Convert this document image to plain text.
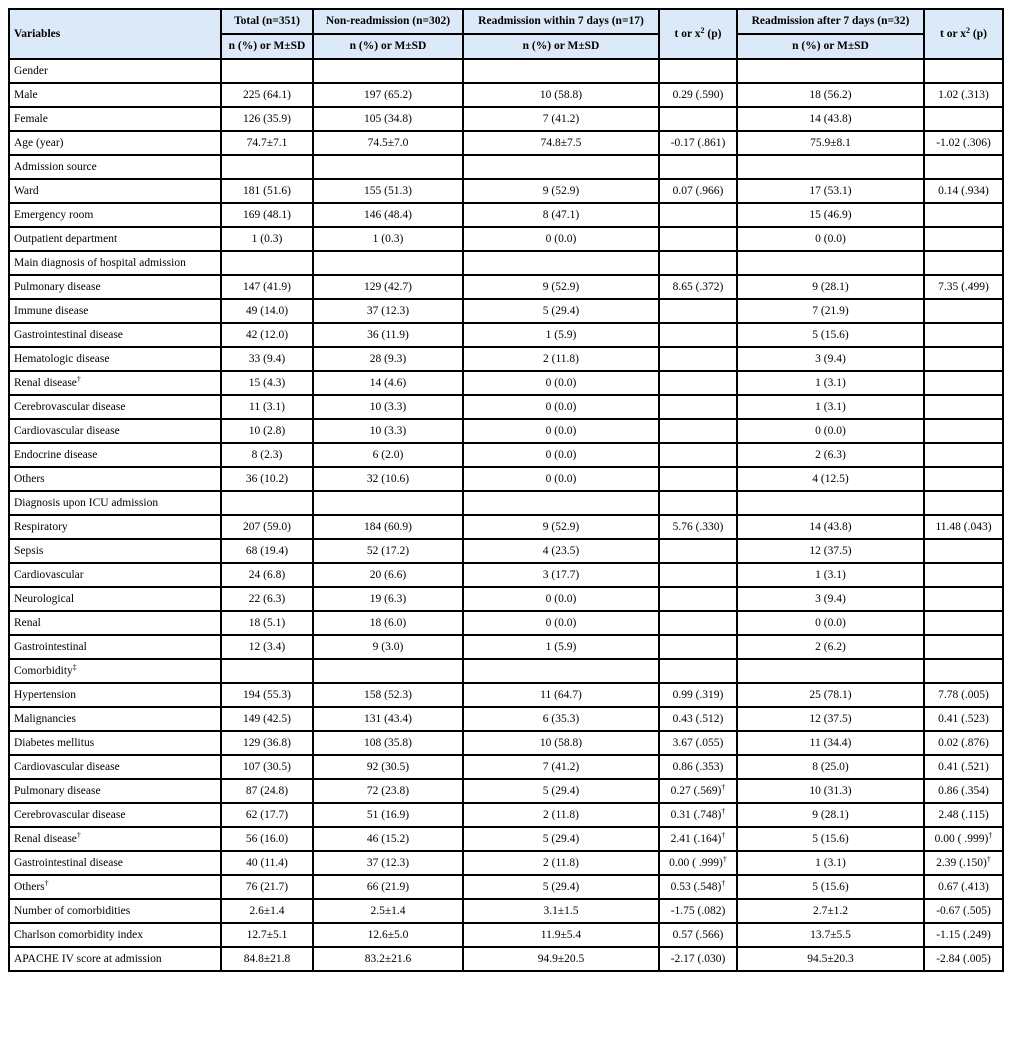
Variables	Total (n=351)	Non-readmission (n=302)	Readmission within 7 days (n=17)	t or $x^2$ (p)	Readmission after 7 days (n=32)	t or $x^2$ (p)
	n (%) or M±SD	n (%) or M±SD	n (%) or M±SD		n (%) or M±SD	
Gender						
Male	225 (64.1)	197 (65.2)	10 (58.8)	0.29 (.590)	18 (56.2)	1.02 (.313)
Female	126 (35.9)	105 (34.8)	7 (41.2)		14 (43.8)	
Age (year)	74.7±7.1	74.5±7.0	74.8±7.5	-0.17 (.861)	75.9±8.1	-1.02 (.306)
Admission source						
Ward	181 (51.6)	155 (51.3)	9 (52.9)	0.07 (.966)	17 (53.1)	0.14 (.934)
Emergency room	169 (48.1)	146 (48.4)	8 (47.1)		15 (46.9)	
Outpatient department	1 (0.3)	1 (0.3)	0 (0.0)		0 (0.0)	
Main diagnosis of hospital admission						
Pulmonary disease	147 (41.9)	129 (42.7)	9 (52.9)	8.65 (.372)	9 (28.1)	7.35 (.499)
Immune disease	49 (14.0)	37 (12.3)	5 (29.4)		7 (21.9)	
Gastrointestinal disease	42 (12.0)	36 (11.9)	1 (5.9)		5 (15.6)	
Hematologic disease	33 (9.4)	28 (9.3)	2 (11.8)		3 (9.4)	
Renal disease†	15 (4.3)	14 (4.6)	0 (0.0)		1 (3.1)	
Cerebrovascular disease	11 (3.1)	10 (3.3)	0 (0.0)		1 (3.1)	
Cardiovascular disease	10 (2.8)	10 (3.3)	0 (0.0)		0 (0.0)	
Endocrine disease	8 (2.3)	6 (2.0)	0 (0.0)		2 (6.3)	
Others	36 (10.2)	32 (10.6)	0 (0.0)		4 (12.5)	
Diagnosis upon ICU admission						
Respiratory	207 (59.0)	184 (60.9)	9 (52.9)	5.76 (.330)	14 (43.8)	11.48 (.043)
Sepsis	68 (19.4)	52 (17.2)	4 (23.5)		12 (37.5)	
Cardiovascular	24 (6.8)	20 (6.6)	3 (17.7)		1 (3.1)	
Neurological	22 (6.3)	19 (6.3)	0 (0.0)		3 (9.4)	
Renal	18 (5.1)	18 (6.0)	0 (0.0)		0 (0.0)	
Gastrointestinal	12 (3.4)	9 (3.0)	1 (5.9)		2 (6.2)	
Comorbidity‡						
Hypertension	194 (55.3)	158 (52.3)	11 (64.7)	0.99 (.319)	25 (78.1)	7.78 (.005)
Malignancies	149 (42.5)	131 (43.4)	6 (35.3)	0.43 (.512)	12 (37.5)	0.41 (.523)
Diabetes mellitus	129 (36.8)	108 (35.8)	10 (58.8)	3.67 (.055)	11 (34.4)	0.02 (.876)
Cardiovascular disease	107 (30.5)	92 (30.5)	7 (41.2)	0.86 (.353)	8 (25.0)	0.41 (.521)
Pulmonary disease	87 (24.8)	72 (23.8)	5 (29.4)	0.27 (.569)†	10 (31.3)	0.86 (.354)
Cerebrovascular disease	62 (17.7)	51 (16.9)	2 (11.8)	0.31 (.748)†	9 (28.1)	2.48 (.115)
Renal disease†	56 (16.0)	46 (15.2)	5 (29.4)	2.41 (.164)†	5 (15.6)	0.00 ( .999)†
Gastrointestinal disease	40 (11.4)	37 (12.3)	2 (11.8)	0.00 ( .999)†	1 (3.1)	2.39 (.150)†
Others†	76 (21.7)	66 (21.9)	5 (29.4)	0.53 (.548)†	5 (15.6)	0.67 (.413)
Number of comorbidities	2.6±1.4	2.5±1.4	3.1±1.5	-1.75 (.082)	2.7±1.2	-0.67 (.505)
Charlson comorbidity index	12.7±5.1	12.6±5.0	11.9±5.4	0.57 (.566)	13.7±5.5	-1.15 (.249)
APACHE IV score at admission	84.8±21.8	83.2±21.6	94.9±20.5	-2.17 (.030)	94.5±20.3	-2.84 (.005)
